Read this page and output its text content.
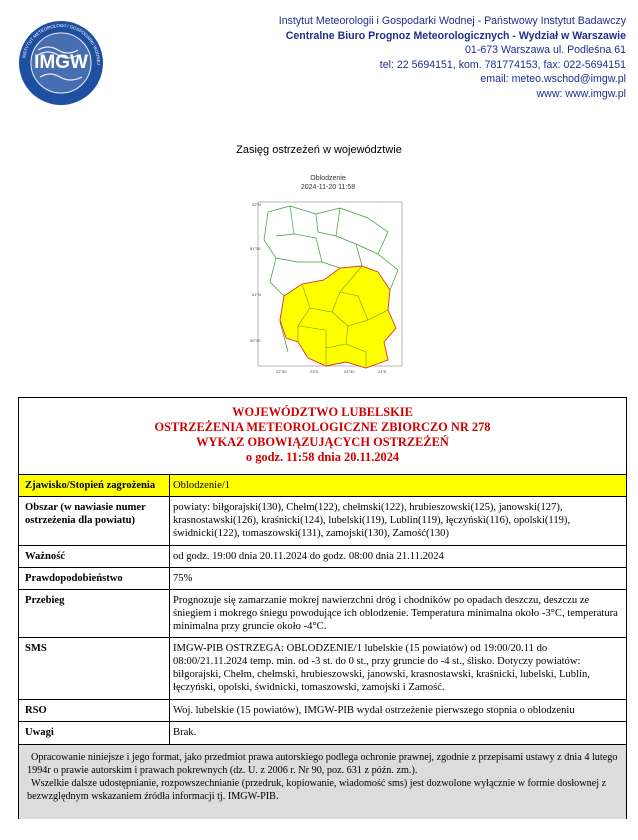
IMGW
INSTYTUT METEOROLOGII I GOSPODARKI WODNEJ
Instytut Meteorologii i Gospodarki Wodnej - Państwowy Instytut Badawczy
Centralne Biuro Prognoz Meteorologicznych - Wydział w Warszawie
01-673 Warszawa ul. Podleśna 61
tel: 22 5694151, kom. 781774153, fax: 022-5694151
email: meteo.wschod@imgw.pl
www: www.imgw.pl
Zasięg ostrzeżeń w województwie
Oblodzenie
2024-11-20 11:58
52°N
51°30
51°N
50°30
22°30	23°E	23°30	24°E
WOJEWÓDZTWO LUBELSKIE
OSTRZEŻENIA METEOROLOGICZNE ZBIORCZO NR 278
WYKAZ OBOWIĄZUJĄCYCH OSTRZEŻEŃ
o godz. 11:58 dnia 20.11.2024
Zjawisko/Stopień zagrożenia	Oblodzenie/1
Obszar (w nawiasie numer ostrzeżenia dla powiatu)
powiaty: biłgorajski(130), Chełm(122), chełmski(122), hrubieszowski(125), janowski(127), krasnostawski(126), kraśnicki(124), lubelski(119), Lublin(119), łęczyński(116), opolski(119), świdnicki(122), tomaszowski(131), zamojski(130), Zamość(130)
Ważność	od godz. 19:00 dnia 20.11.2024 do godz. 08:00 dnia 21.11.2024
Prawdopodobieństwo	75%
Przebieg	Prognozuje się zamarzanie mokrej nawierzchni dróg i chodników po opadach deszczu, deszczu ze śniegiem i mokrego śniegu powodujące ich oblodzenie. Temperatura minimalna około -3°C, temperatura minimalna przy gruncie około -4°C.
SMS	IMGW-PIB OSTRZEGA: OBLODZENIE/1 lubelskie (15 powiatów) od 19:00/20.11 do 08:00/21.11.2024 temp. min. od -3 st. do 0 st., przy gruncie do -4 st., ślisko. Dotyczy powiatów: biłgorajski, Chełm, chełmski, hrubieszowski, janowski, krasnostawski, kraśnicki, lubelski, Lublin, łęczyński, opolski, świdnicki, tomaszowski, zamojski i Zamość.
RSO	Woj. lubelskie (15 powiatów), IMGW-PIB wydał ostrzeżenie pierwszego stopnia o oblodzeniu
Uwagi	Brak.

Opracowanie niniejsze i jego format, jako przedmiot prawa autorskiego podlega ochronie prawnej, zgodnie z przepisami ustawy z dnia 4 lutego 1994r o prawie autorskim i prawach pokrewnych (dz. U. z 2006 r. Nr 90, poz. 631 z późn. zm.).

Wszelkie dalsze udostępnianie, rozpowszechnianie (przedruk, kopiowanie, wiadomość sms) jest dozwolone wyłącznie w formie dosłownej z bezwzględnym wskazaniem źródła informacji tj. IMGW-PIB.
